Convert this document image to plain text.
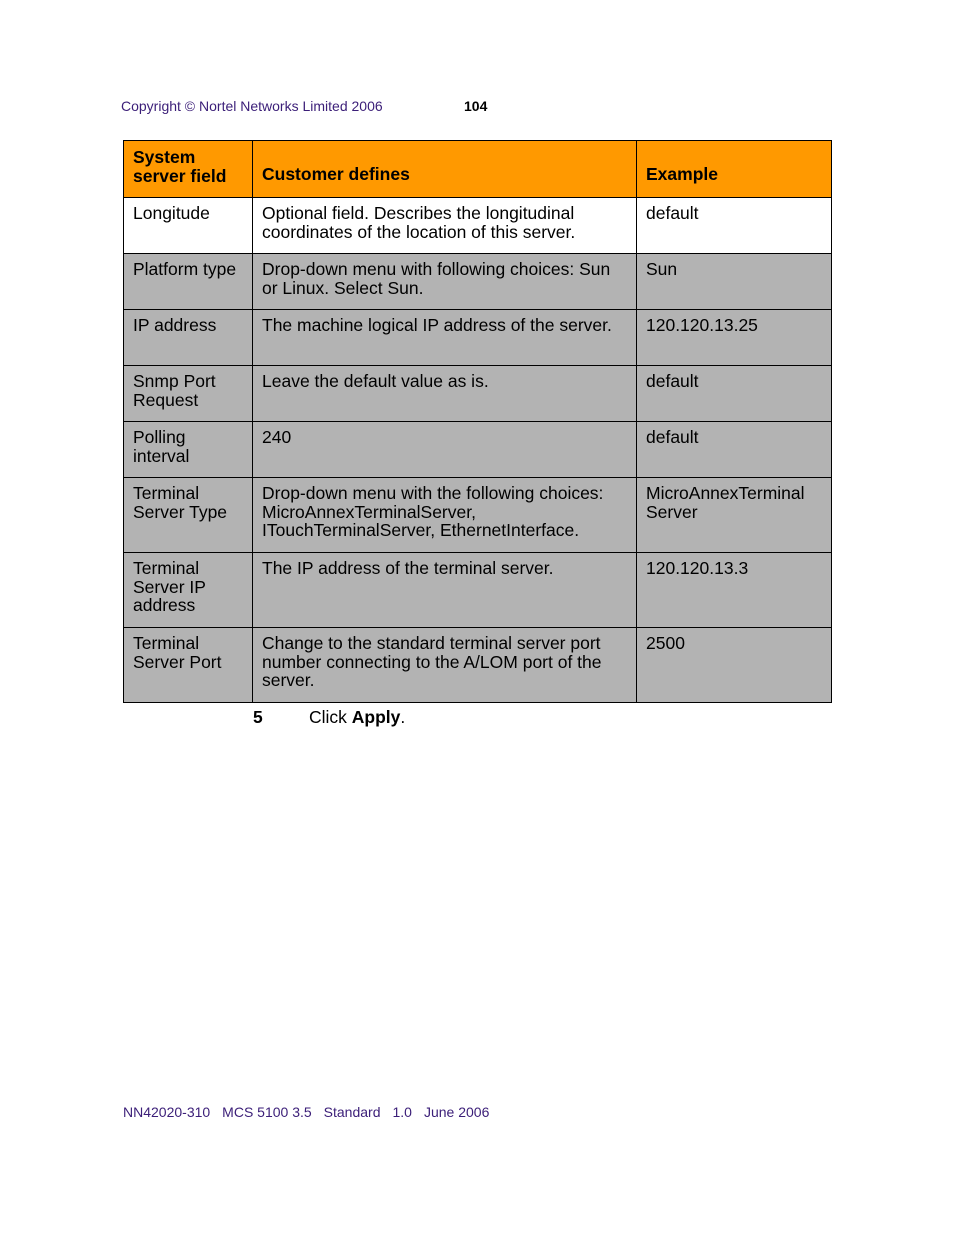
Copyright © Nortel Networks Limited 2006	104
System server field	Customer defines	Example
Longitude	Optional field. Describes the longitudinal coordinates of the location of this server.	default
Platform type	Drop-down menu with following choices: Sun or Linux. Select Sun.	Sun
IP address	The machine logical IP address of the server.	120.120.13.25
Snmp Port Request	Leave the default value as is.	default
Polling interval	240	default
Terminal Server Type	Drop-down menu with the following choices: MicroAnnexTerminalServer, ITouchTerminalServer, EthernetInterface.	MicroAnnexTerminal Server
Terminal Server IP address	The IP address of the terminal server.	120.120.13.3
Terminal Server Port	Change to the standard terminal server port number connecting to the A/LOM port of the server.	2500
5	Click Apply.
NN42020-310 MCS 5100 3.5 Standard 1.0 June 2006
